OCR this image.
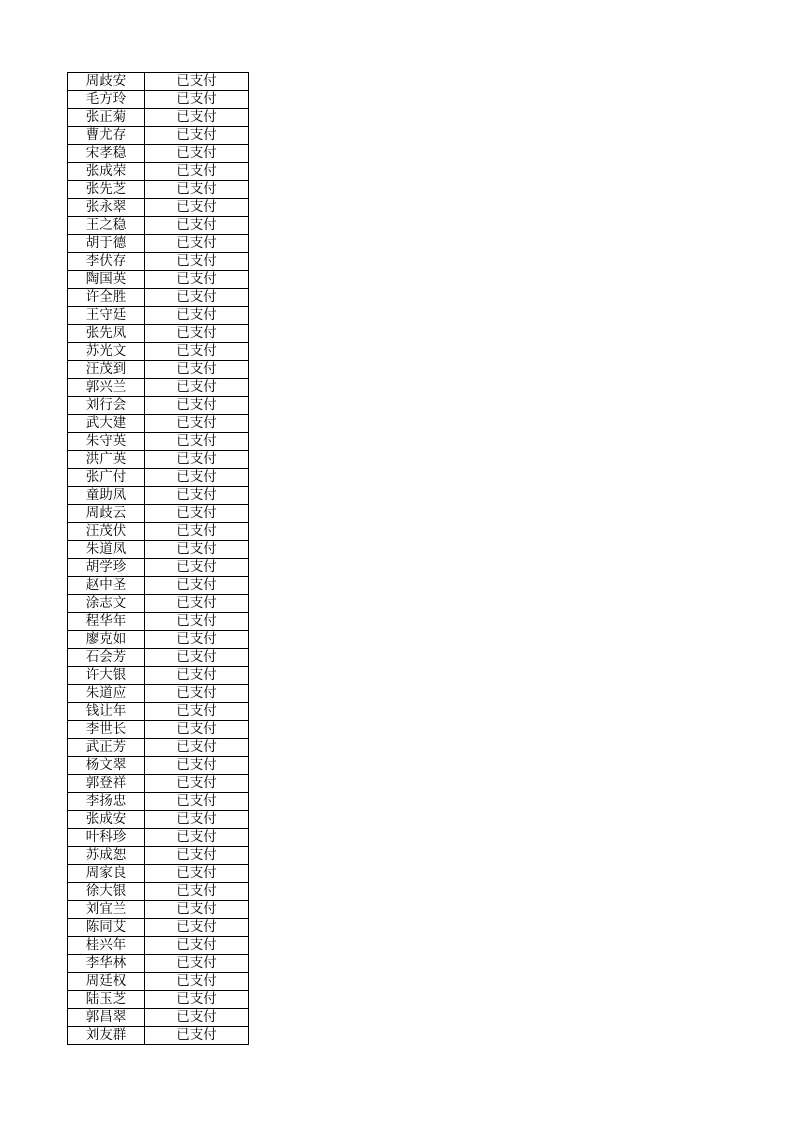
周歧安	已支付
毛方玲	已支付
张正菊	已支付
曹尤存	已支付
宋孝稳	已支付
张成荣	已支付
张先芝	已支付
张永翠	已支付
王之稳	已支付
胡于德	已支付
李伏存	已支付
陶国英	已支付
许全胜	已支付
王守廷	已支付
张先凤	已支付
苏光文	已支付
汪茂到	已支付
郭兴兰	已支付
刘行会	已支付
武大建	已支付
朱守英	已支付
洪广英	已支付
张广付	已支付
童助凤	已支付
周歧云	已支付
汪茂伏	已支付
朱道凤	已支付
胡学珍	已支付
赵中圣	已支付
涂志文	已支付
程华年	已支付
廖克如	已支付
石会芳	已支付
许大银	已支付
朱道应	已支付
钱让年	已支付
李世长	已支付
武正芳	已支付
杨文翠	已支付
郭登祥	已支付
李扬忠	已支付
张成安	已支付
叶科珍	已支付
苏成恕	已支付
周家良	已支付
徐大银	已支付
刘宜兰	已支付
陈同艾	已支付
桂兴年	已支付
李华林	已支付
周廷权	已支付
陆玉芝	已支付
郭昌翠	已支付
刘友群	已支付
